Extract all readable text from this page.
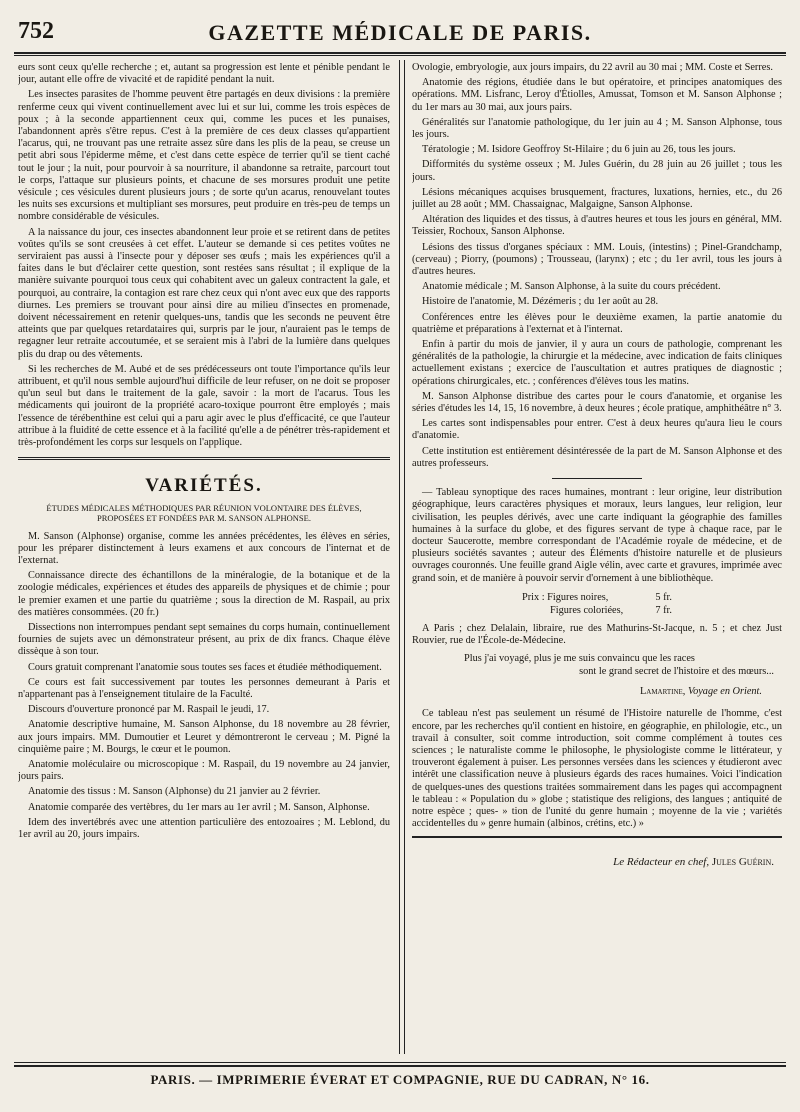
752	GAZETTE MÉDICALE DE PARIS.

eurs sont ceux qu'elle recherche ; et, autant sa progression est lente et pénible pendant le jour, autant elle offre de vivacité et de rapidité pendant la nuit.

Les insectes parasites de l'homme peuvent être partagés en deux divisions : la première renferme ceux qui vivent continuellement avec lui et sur lui, comme les trois espèces de poux ; à la seconde appartiennent ceux qui, comme les puces et les punaises, l'abandonnent après s'être repus. C'est à la première de ces deux classes qu'appartient l'acarus, qui, ne trouvant pas une retraite assez sûre dans les plis de la peau, se creuse un petit abri sous l'épiderme même, et c'est dans cette espèce de terrier qu'il se tient caché tout le jour ; la nuit, pour pourvoir à sa nourriture, il abandonne sa retraite, parcourt tout le corps, l'attaque sur plusieurs points, et chacune de ses morsures produit une petite vésicule ; ces vésicules durent plusieurs jours ; de sorte qu'un acarus, renouvelant toutes les nuits ses excursions et multipliant ses morsures, peut produire en très-peu de temps un nombre considérable de vésicules.

A la naissance du jour, ces insectes abandonnent leur proie et se retirent dans de petites voûtes qu'ils se sont creusées à cet effet. L'auteur se demande si ces petites voûtes ne serviraient pas aussi à l'insecte pour y déposer ses œufs ; mais les expériences qu'il a faites dans le but d'éclairer cette question, sont restées sans résultat ; il explique de la manière suivante pourquoi tous ceux qui cohabitent avec un galeux contractent la gale, et pourquoi, au contraire, la contagion est rare chez ceux qui n'ont avec eux que des rapports diurnes. Les premiers se trouvant pour ainsi dire au milieu d'insectes en promenade, doivent nécessairement en retenir quelques-uns, tandis que les seconds ne peuvent être atteints que par quelques retardataires qui, surpris par le jour, n'auraient pas le temps de regagner leur retraite accoutumée, et se seraient mis à l'abri de la lumière dans quelques plis du drap ou des vêtements.

Si les recherches de M. Aubé et de ses prédécesseurs ont toute l'importance qu'ils leur attribuent, et qu'il nous semble aujourd'hui difficile de leur refuser, on ne doit se proposer qu'un seul but dans le traitement de la gale, savoir : la mort de l'acarus. Tous les médicaments qui jouiront de la propriété acaro-toxique pourront être employés ; mais l'essence de térébenthine est celui qui a paru agir avec le plus d'efficacité, ce que l'auteur attribue à la fluidité de cette essence et à la facilité qu'elle a de pénétrer très-rapidement et très-profondément les corps sur lesquels on l'applique.

VARIÉTÉS.
ÉTUDES MÉDICALES MÉTHODIQUES PAR RÉUNION VOLONTAIRE DES ÉLÈVES, PROPOSÉES ET FONDÉES PAR M. SANSON ALPHONSE.

M. Sanson (Alphonse) organise, comme les années précédentes, les élèves en séries, pour les préparer distinctement à leurs examens et aux concours de l'internat et de l'externat.

Connaissance directe des échantillons de la minéralogie, de la botanique et de la zoologie médicales, expériences et études des appareils de physiques et de chimie ; pour le premier examen et une partie du quatrième ; sous la direction de M. Raspail, au prix des matières consommées. (20 fr.)

Dissections non interrompues pendant sept semaines du corps humain, continuellement fournies de sujets avec un démonstrateur présent, au prix de dix francs. Chaque élève dissèque à son tour.

Cours gratuit comprenant l'anatomie sous toutes ses faces et étudiée méthodiquement.

Ce cours est fait successivement par toutes les personnes demeurant à Paris et n'appartenant pas à l'enseignement titulaire de la Faculté.

Discours d'ouverture prononcé par M. Raspail le jeudi, 17.

Anatomie descriptive humaine, M. Sanson Alphonse, du 18 novembre au 28 février, aux jours impairs. MM. Dumoutier et Leuret y démontreront le cerveau ; M. Pigné la cinquième paire ; M. Bourgs, le cœur et le poumon.

Anatomie moléculaire ou microscopique : M. Raspail, du 19 novembre au 24 janvier, jours pairs.

Anatomie des tissus : M. Sanson (Alphonse) du 21 janvier au 2 février.

Anatomie comparée des vertèbres, du 1er mars au 1er avril ; M. Sanson, Alphonse.

Idem des invertébrés avec une attention particulière des entozoaires ; M. Leblond, du 1er avril au 20, jours impairs.

Ovologie, embryologie, aux jours impairs, du 22 avril au 30 mai ; MM. Coste et Serres.

Anatomie des régions, étudiée dans le but opératoire, et principes anatomiques des opérations. MM. Lisfranc, Leroy d'Étiolles, Amussat, Tomson et M. Sanson Alphonse ; du 1er mars au 30 mai, aux jours pairs.

Généralités sur l'anatomie pathologique, du 1er juin au 4 ; M. Sanson Alphonse, tous les jours.

Tératologie ; M. Isidore Geoffroy St-Hilaire ; du 6 juin au 26, tous les jours.

Difformités du système osseux ; M. Jules Guérin, du 28 juin au 26 juillet ; tous les jours.

Lésions mécaniques acquises brusquement, fractures, luxations, hernies, etc., du 26 juillet au 28 août ; MM. Chassaignac, Malgaigne, Sanson Alphonse.

Altération des liquides et des tissus, à d'autres heures et tous les jours en général, MM. Teissier, Rochoux, Sanson Alphonse.

Lésions des tissus d'organes spéciaux : MM. Louis, (intestins) ; Pinel-Grandchamp, (cerveau) ; Piorry, (poumons) ; Trousseau, (larynx) ; etc ; du 1er avril, tous les jours à d'autres heures.

Anatomie médicale ; M. Sanson Alphonse, à la suite du cours précédent.

Histoire de l'anatomie, M. Dézémeris ; du 1er août au 28.

Conférences entre les élèves pour le deuxième examen, la partie anatomie du quatrième et préparations à l'externat et à l'internat.

Enfin à partir du mois de janvier, il y aura un cours de pathologie, comprenant les généralités de la pathologie, la chirurgie et la médecine, avec indication de faits cliniques actuellement existans ; exercice de l'auscultation et autres pratiques de diagnostic ; opérations chirurgicales, etc. ; conférences d'élèves tous les matins.

M. Sanson Alphonse distribue des cartes pour le cours d'anatomie, et organise les séries d'études les 14, 15, 16 novembre, à deux heures ; école pratique, amphithéâtre n° 3.

Les cartes sont indispensables pour entrer. C'est à deux heures qu'aura lieu le cours d'anatomie.

Cette institution est entièrement désintéressée de la part de M. Sanson Alphonse et des autres professeurs.

— Tableau synoptique des races humaines, montrant : leur origine, leur distribution géographique, leurs caractères physiques et moraux, leurs langues, leur religion, leur civilisation, les peuples dérivés, avec une carte indiquant la géographie des familles humaines à la surface du globe, et des figures servant de type à chaque race, par le docteur Saucerotte, membre correspondant de l'Académie royale de médecine, et de plusieurs sociétés savantes ; auteur des Éléments d'histoire naturelle et de plusieurs ouvrages couronnés. Une feuille grand Aigle vélin, avec carte et gravures, imprimée avec grand soin, et de manière à pouvoir servir d'ornement à une bibliothèque.

Prix : Figures noires,	5 fr.
Figures coloriées,	7 fr.

A Paris ; chez Delalain, libraire, rue des Mathurins-St-Jacque, n. 5 ; et chez Just Rouvier, rue de l'École-de-Médecine.

Plus j'ai voyagé, plus je me suis convaincu que les races
sont le grand secret de l'histoire et des mœurs...
Lamartine, Voyage en Orient.

Ce tableau n'est pas seulement un résumé de l'Histoire naturelle de l'homme, c'est encore, par les recherches qu'il contient en histoire, en géographie, en philologie, etc., un travail à consulter, soit comme introduction, soit comme complément à toutes ces sciences ; le naturaliste comme le philosophe, le physiologiste comme le littérateur, y trouveront également à puiser. Les personnes versées dans les sciences y étudieront avec intérêt une classification neuve à plusieurs égards des races humaines. Voici l'indication de quelques-unes des questions traitées sommairement dans les pages qui accompagnent le tableau : « Population du » globe ; statistique des religions, des langues ; antiquité de notre espèce ; ques- » tion de l'unité du genre humain ; moyenne de la vie ; variétés accidentelles du » genre humain (albinos, crétins, etc.) »

Le Rédacteur en chef, Jules Guérin.
PARIS. — IMPRIMERIE ÉVERAT ET COMPAGNIE, RUE DU CADRAN, N° 16.
